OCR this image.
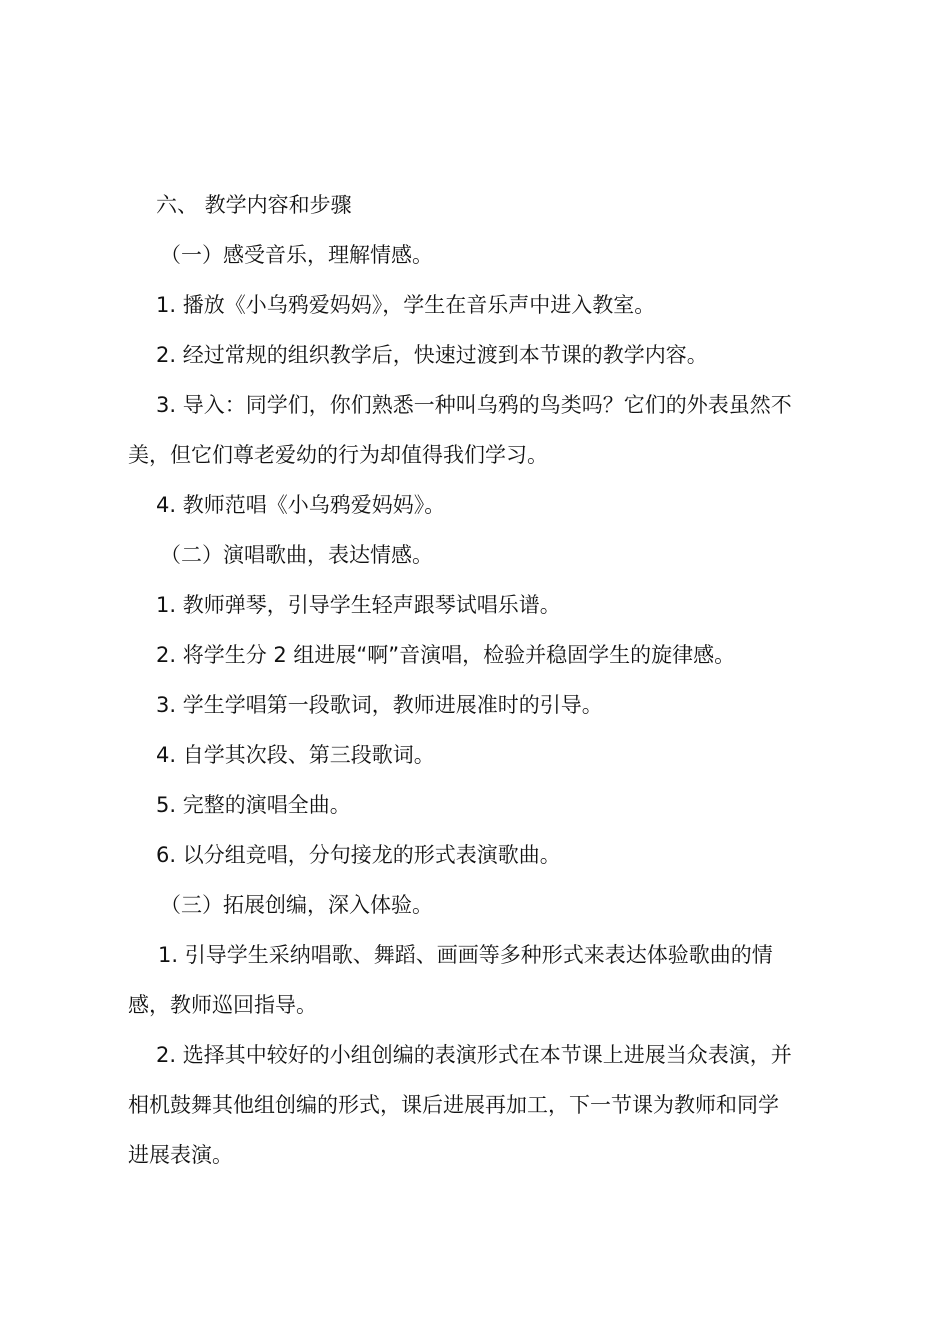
六、 教学内容和步骤
（一）感受音乐，理解情感。
1. 播放《小乌鸦爱妈妈》，学生在音乐声中进入教室。
2. 经过常规的组织教学后，快速过渡到本节课的教学内容。
3. 导入：同学们，你们熟悉一种叫乌鸦的鸟类吗？它们的外表虽然不
美，但它们尊老爱幼的行为却值得我们学习。
4. 教师范唱《小乌鸦爱妈妈》。
（二）演唱歌曲，表达情感。
1. 教师弹琴，引导学生轻声跟琴试唱乐谱。
2. 将学生分 2 组进展“啊”音演唱，检验并稳固学生的旋律感。
3. 学生学唱第一段歌词，教师进展准时的引导。
4. 自学其次段、第三段歌词。
5. 完整的演唱全曲。
6. 以分组竞唱，分句接龙的形式表演歌曲。
（三）拓展创编，深入体验。
1. 引导学生采纳唱歌、舞蹈、画画等多种形式来表达体验歌曲的情
感，教师巡回指导。
2. 选择其中较好的小组创编的表演形式在本节课上进展当众表演，并
相机鼓舞其他组创编的形式，课后进展再加工，下一节课为教师和同学
进展表演。
